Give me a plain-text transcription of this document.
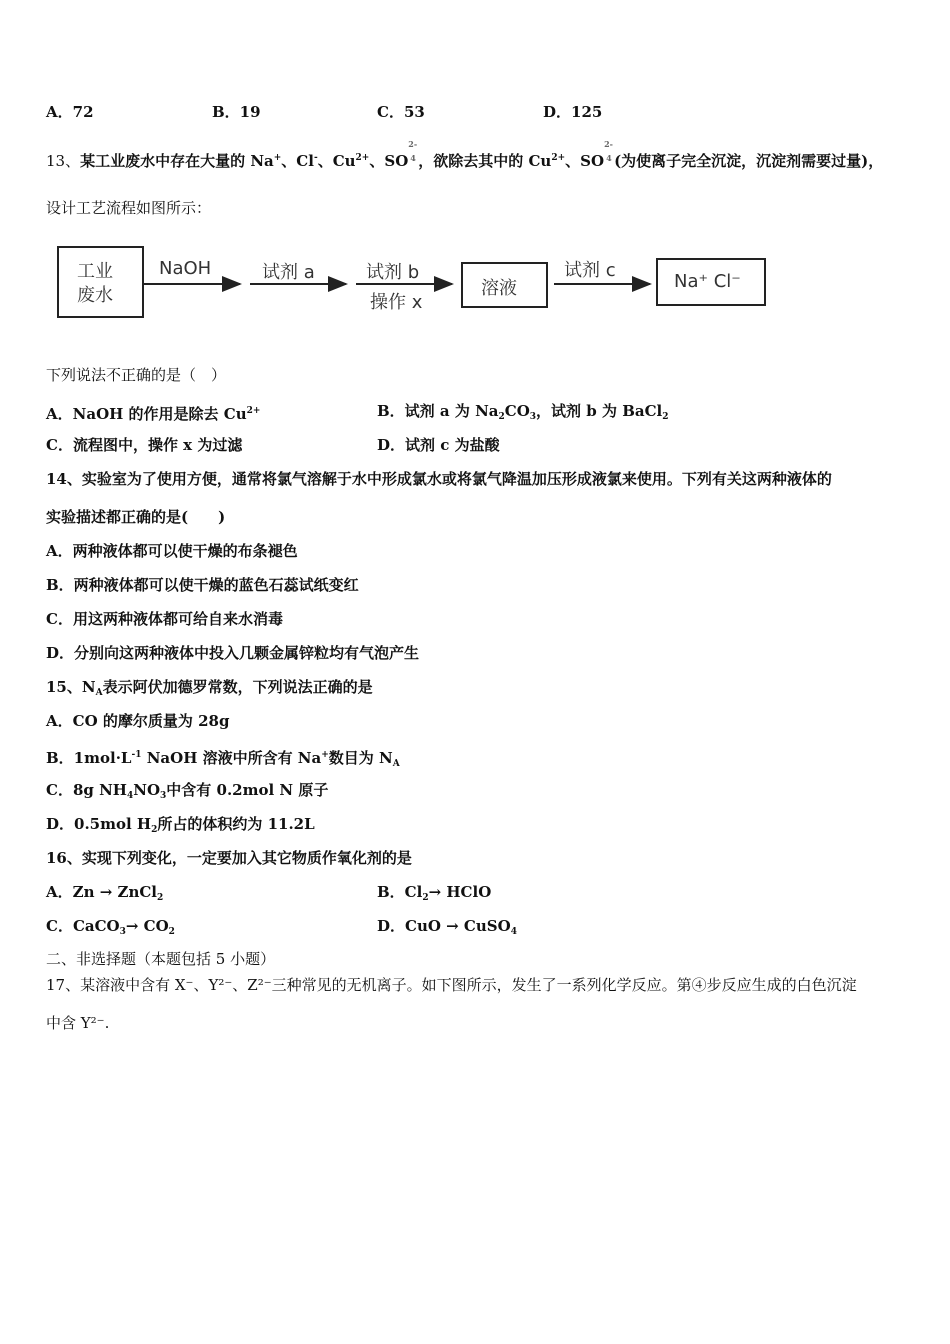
A．72	B．19	C．53	D．125
13、某工业废水中存在大量的 Na+、Cl-、$Cu^{2+}$、SO
2-
4 ，欲除去其中的 $Cu^{2+}$、SO
2-
4 (为使离子完全沉淀，沉淀剂需要过量)，
设计工艺流程如图所示：
工业
废水
NaOH	试剂 a	试剂 b
操作 x
溶液
试剂 c
Na⁺ Cl⁻
下列说法不正确的是（　）
A．NaOH 的作用是除去 $Cu^{2+}$	B．试剂 a 为 $Na_2CO_3$，试剂 b 为 BaCl$_2$
C．流程图中，操作 x 为过滤	D．试剂 c 为盐酸
14、实验室为了使用方便，通常将氯气溶解于水中形成氯水或将氯气降温加压形成液氯来使用。下列有关这两种液体的
实验描述都正确的是(　　)
A．两种液体都可以使干燥的布条褪色
B．两种液体都可以使干燥的蓝色石蕊试纸变红
C．用这两种液体都可给自来水消毒
D．分别向这两种液体中投入几颗金属锌粒均有气泡产生
15、$N_A$表示阿伏加德罗常数，下列说法正确的是
A．CO 的摩尔质量为 28g
B．$1mol\cdot L^{-1}$ NaOH 溶液中所含有 Na+数目为 $N_A$
C．8g $NH_4NO_3$中含有 0.2mol N 原子
D．0.5mol $H_2$所占的体积约为 11.2L
16、实现下列变化，一定要加入其它物质作氧化剂的是
A．Zn → ZnCl$_2$	B．$Cl_2\to$ HClO
C．CaCO$_3$→ $CO_2$	D．CuO → CuSO$_4$
二、非选择题（本题包括 5 小题）
17、某溶液中含有 X⁻、Y²⁻、Z²⁻三种常见的无机离子。如下图所示，发生了一系列化学反应。第④步反应生成的白色沉淀
中含 Y²⁻.
